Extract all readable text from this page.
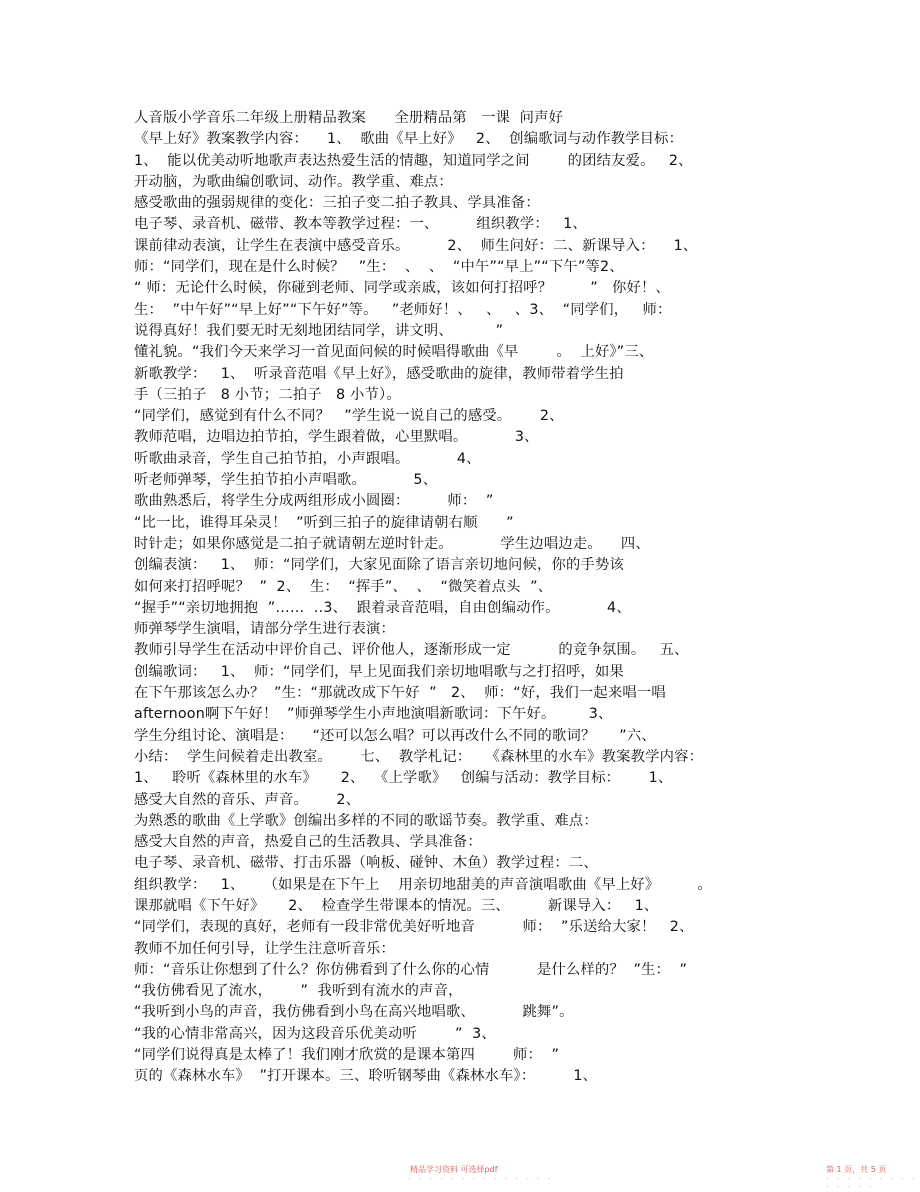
人音版小学音乐二年级上册精品教案      全册精品第   一课  问声好
《早上好》教案教学内容：    1、  歌曲《早上好》   2、  创编歌词与动作教学目标：
1、  能以优美动听地歌声表达热爱生活的情趣，知道同学之间        的团结友爱。   2、
开动脑，为歌曲编创歌词、动作。教学重、难点：
感受歌曲的强弱规律的变化：三拍子变二拍子教具、学具准备：
电子琴、录音机、磁带、教本等教学过程：一、        组织教学：   1、
课前律动表演，让学生在表演中感受音乐。        2、  师生问好：二、新课导入：    1、
师：“同学们，现在是什么时候？   ”生：  、  、  “中午”“早上”“下午”等2、
“ 师：无论什么时候，你碰到老师、同学或亲戚，该如何打招呼？        ”   你好！、
生：  ”中午好”“早上好”“下午好”等。   ”老师好！、   、   、3、  “同学们，   师：
说得真好！我们要无时无刻地团结同学，讲文明、         ”
懂礼貌。“我们今天来学习一首见面问候的时候唱得歌曲《早        。  上好》”三、
新歌教学：   1、  听录音范唱《早上好》，感受歌曲的旋律，教师带着学生拍
手（三拍子   8 小节；二拍子   8 小节）。
“同学们，感觉到有什么不同？   ”学生说一说自己的感受。      2、
教师范唱，边唱边拍节拍，学生跟着做，心里默唱。          3、
听歌曲录音，学生自己拍节拍，小声跟唱。          4、
听老师弹琴，学生拍节拍小声唱歌。          5、
歌曲熟悉后，将学生分成两组形成小圆圈：        师：  ”
“比一比，谁得耳朵灵！  ”听到三拍子的旋律请朝右顺      ”
时针走；如果你感觉是二拍子就请朝左逆时针走。          学生边唱边走。    四、
创编表演：   1、  师：“同学们，大家见面除了语言亲切地问候，你的手势该
如何来打招呼呢？  ”  2、  生：  “挥手”、  、  “微笑着点头  ”、
“握手”“亲切地拥抱  ”……  ..3、  跟着录音范唱，自由创编动作。          4、
师弹琴学生演唱，请部分学生进行表演：
教师引导学生在活动中评价自己、评价他人，逐渐形成一定          的竞争氛围。   五、
创编歌词：   1、  师：“同学们，早上见面我们亲切地唱歌与之打招呼，如果
在下午那该怎么办？  ”生：“那就改成下午好  ”   2、  师：“好，我们一起来唱一唱
afternoon啊下午好！  ”师弹琴学生小声地演唱新歌词：下午好。       3、
学生分组讨论、演唱是：    “还可以怎么唱？可以再改什么不同的歌词？     ”六、
小结：  学生问候着走出教室。      七、  教学札记：   《森林里的水车》教案教学内容：
1、   聆听《森林里的水车》     2、  《上学歌》   创编与活动：教学目标：      1、
感受大自然的音乐、声音。      2、
为熟悉的歌曲《上学歌》创编出多样的不同的歌谣节奏。教学重、难点：
感受大自然的声音，热爱自己的生活教具、学具准备：
电子琴、录音机、磁带、打击乐器（响板、碰钟、木鱼）教学过程：二、
组织教学：   1、    （如果是在下午上    用亲切地甜美的声音演唱歌曲《早上好》        。
课那就唱《下午好》     2、  检查学生带课本的情况。三、        新课导入：   1、
“同学们，表现的真好，老师有一段非常优美好听地音          师：  ”乐送给大家！   2、
教师不加任何引导，让学生注意听音乐：
师：“音乐让你想到了什么？你仿佛看到了什么你的心情          是什么样的？  ”生：  ”
“我仿佛看见了流水，      ”  我听到有流水的声音，
“我听到小鸟的声音，我仿佛看到小鸟在高兴地唱歌、          跳舞”。
“我的心情非常高兴，因为这段音乐优美动听        ”  3、
“同学们说得真是太棒了！我们刚才欣赏的是课本第四        师：  ”
页的《森林水车》  ”打开课本。三、聆听钢琴曲《森林水车》：        1、
精品学习资料 可选择pdf	第 1 页，共 5 页
- - - - - - - - - - - - - -	- - - - - - - - - - - - - -
